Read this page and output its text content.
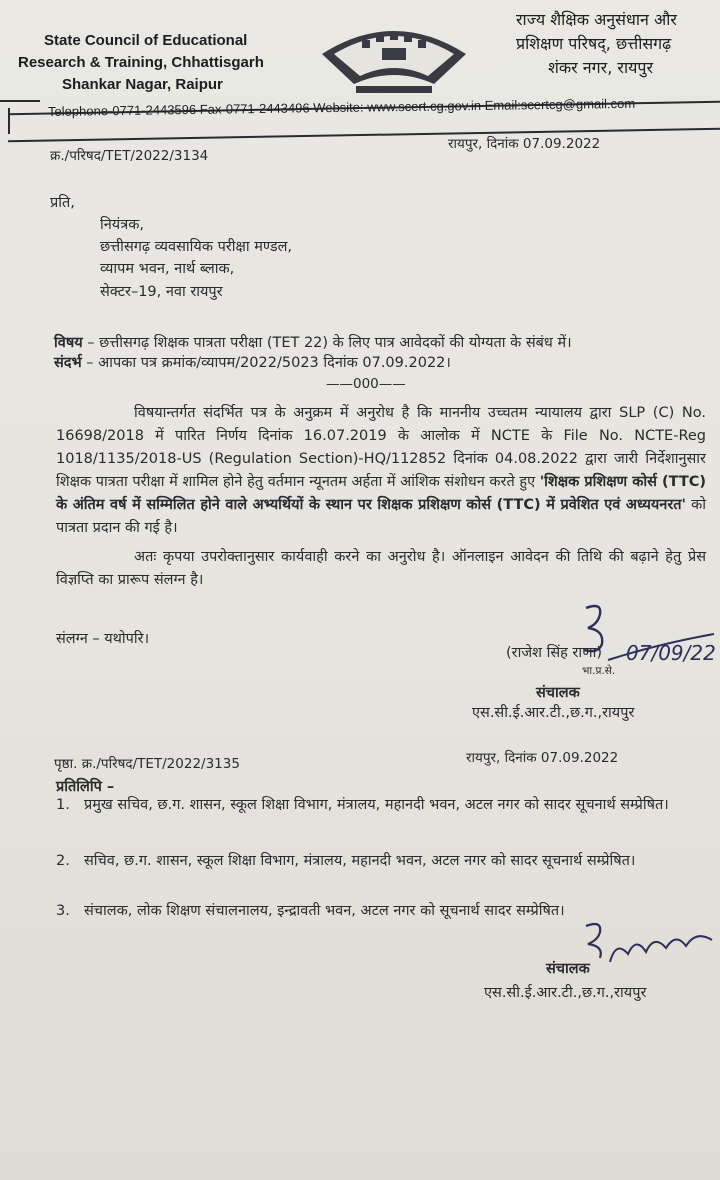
State Council of Educational
Research & Training, Chhattisgarh
Shankar Nagar, Raipur
राज्य शैक्षिक अनुसंधान और
प्रशिक्षण परिषद्, छत्तीसगढ़
शंकर नगर, रायपुर
Telephone-0771-2443596 Fax-0771-2443496 Website: www.scert.cg.gov.in Email:scertcg@gmail.com
क्र./परिषद/TET/2022/3134
रायपुर, दिनांक 07.09.2022
प्रति,
नियंत्रक,
छत्तीसगढ़ व्यवसायिक परीक्षा मण्डल,
व्यापम भवन, नार्थ ब्लाक,
सेक्टर–19, नवा रायपुर
विषय – छत्तीसगढ़ शिक्षक पात्रता परीक्षा (TET 22) के लिए पात्र आवेदकों की योग्यता के संबंध में।
संदर्भ – आपका पत्र क्रमांक/व्यापम/2022/5023 दिनांक 07.09.2022।
——000——
विषयान्तर्गत संदर्भित पत्र के अनुक्रम में अनुरोध है कि माननीय उच्चतम न्यायालय द्वारा SLP (C) No. 16698/2018 में पारित निर्णय दिनांक 16.07.2019 के आलोक में NCTE के File No. NCTE-Reg 1018/1135/2018-US (Regulation Section)-HQ/112852 दिनांक 04.08.2022 द्वारा जारी निर्देशानुसार शिक्षक पात्रता परीक्षा में शामिल होने हेतु वर्तमान न्यूनतम अर्हता में आंशिक संशोधन करते हुए 'शिक्षक प्रशिक्षण कोर्स (TTC) के अंतिम वर्ष में सम्मिलित होने वाले अभ्यर्थियों के स्थान पर शिक्षक प्रशिक्षण कोर्स (TTC) में प्रवेशित एवं अध्ययनरत' को पात्रता प्रदान की गई है।
अतः कृपया उपरोक्तानुसार कार्यवाही करने का अनुरोध है। ऑनलाइन आवेदन की तिथि की बढ़ाने हेतु प्रेस विज्ञप्ति का प्रारूप संलग्न है।
संलग्न – यथोपरि।
07/09/22
(राजेश सिंह राणा)
भा.प्र.से.
संचालक
एस.सी.ई.आर.टी.,छ.ग.,रायपुर
पृष्ठा. क्र./परिषद/TET/2022/3135	रायपुर, दिनांक 07.09.2022
प्रतिलिपि –
1. प्रमुख सचिव, छ.ग. शासन, स्कूल शिक्षा विभाग, मंत्रालय, महानदी भवन, अटल नगर को सादर सूचनार्थ सम्प्रेषित।
2. सचिव, छ.ग. शासन, स्कूल शिक्षा विभाग, मंत्रालय, महानदी भवन, अटल नगर को सादर सूचनार्थ सम्प्रेषित।
3. संचालक, लोक शिक्षण संचालनालय, इन्द्रावती भवन, अटल नगर को सूचनार्थ सादर सम्प्रेषित।
संचालक
एस.सी.ई.आर.टी.,छ.ग.,रायपुर
